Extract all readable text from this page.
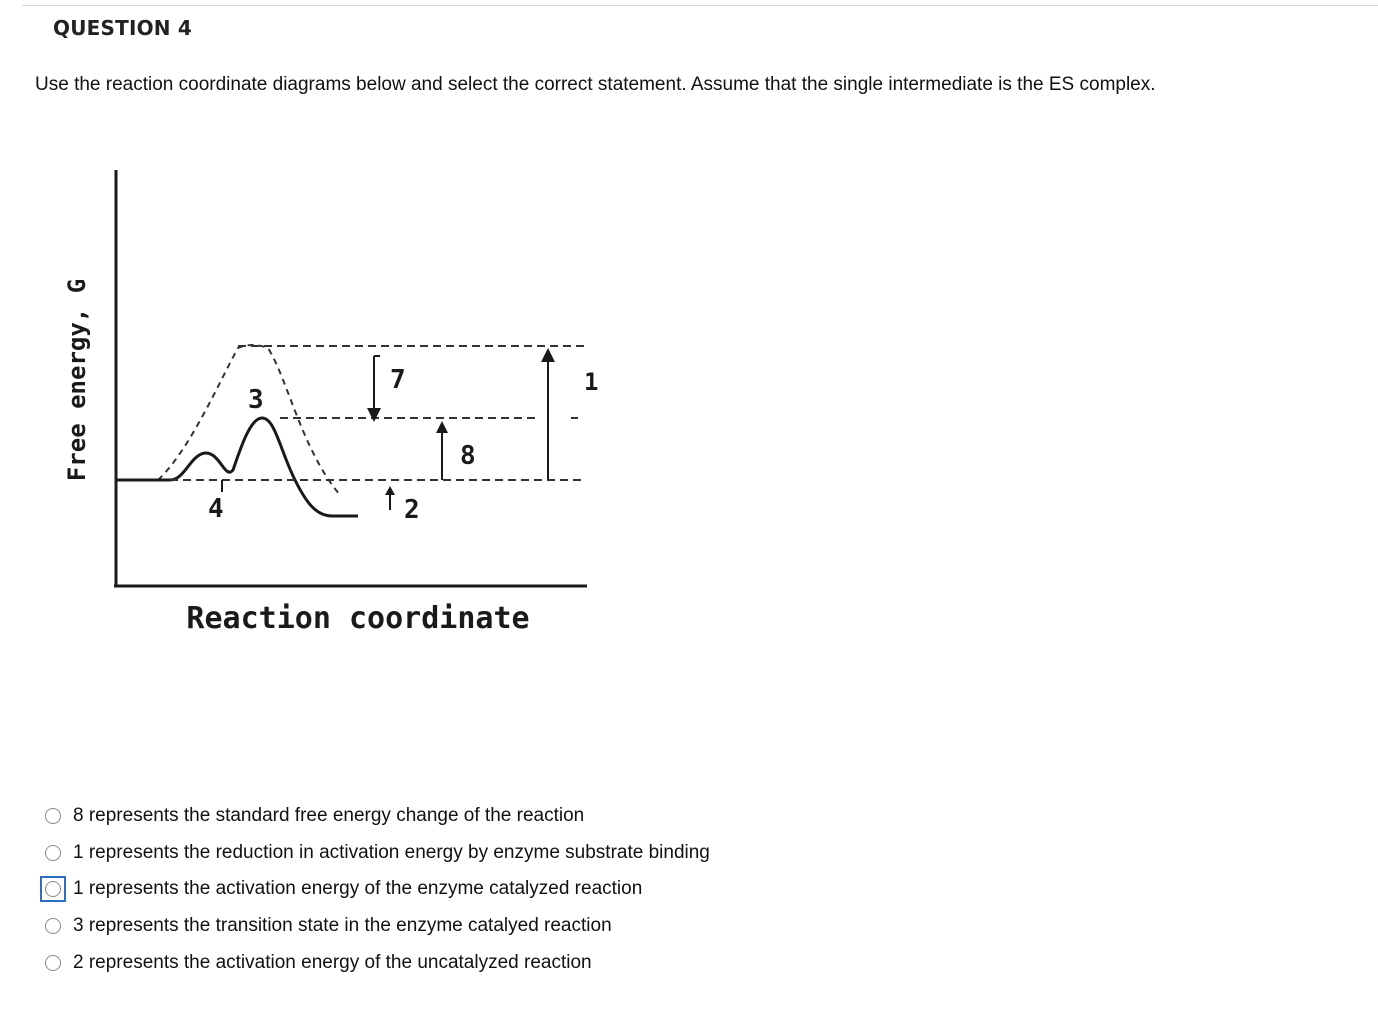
QUESTION 4
Use the reaction coordinate diagrams below and select the correct statement. Assume that the single intermediate is the ES complex.
Free energy, G
Reaction coordinate
3
7	1
8
4	2
8 represents the standard free energy change of the reaction
1 represents the reduction in activation energy by enzyme substrate binding
1 represents the activation energy of the enzyme catalyzed reaction
3 represents the transition state in the enzyme catalyed reaction
2 represents the activation energy of the uncatalyzed reaction
